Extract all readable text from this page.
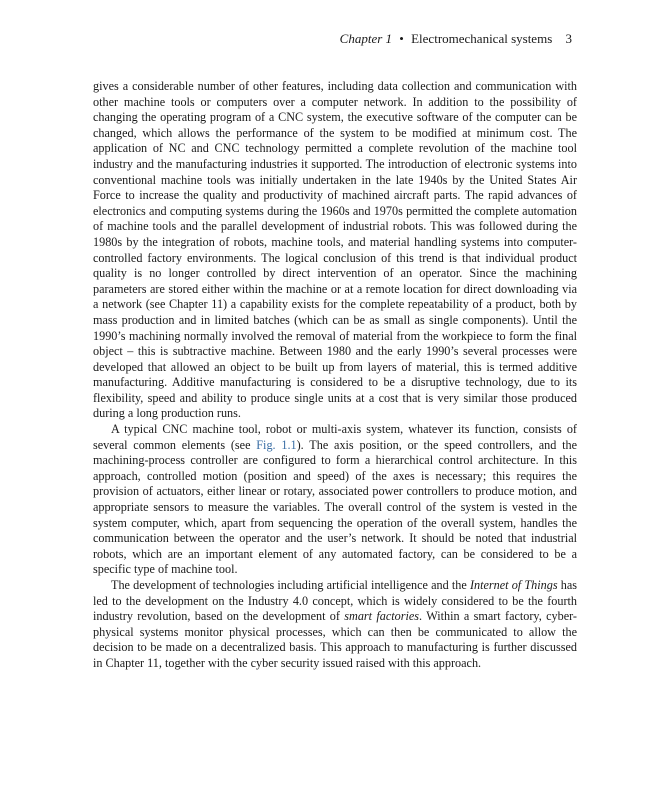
Chapter 1 • Electromechanical systems 3

gives a considerable number of other features, including data collection and communication with other machine tools or computers over a computer network. In addition to the possibility of changing the operating program of a CNC system, the executive software of the computer can be changed, which allows the performance of the system to be modified at minimum cost. The application of NC and CNC technology permitted a complete revolution of the machine tool industry and the manufacturing industries it supported. The introduction of electronic systems into conventional machine tools was initially undertaken in the late 1940s by the United States Air Force to increase the quality and productivity of machined aircraft parts. The rapid advances of electronics and computing systems during the 1960s and 1970s permitted the complete automation of machine tools and the parallel development of industrial robots. This was followed during the 1980s by the integration of robots, machine tools, and material handling systems into computer-controlled factory environments. The logical conclusion of this trend is that individual product quality is no longer controlled by direct intervention of an operator. Since the machining parameters are stored either within the machine or at a remote location for direct downloading via a network (see Chapter 11) a capability exists for the complete repeatability of a product, both by mass production and in limited batches (which can be as small as single components). Until the 1990’s machining normally involved the removal of material from the workpiece to form the final object – this is subtractive machine. Between 1980 and the early 1990’s several processes were developed that allowed an object to be built up from layers of material, this is termed additive manufacturing. Additive manufacturing is considered to be a disruptive technology, due to its flexibility, speed and ability to produce single units at a cost that is very similar those produced during a long production runs.

A typical CNC machine tool, robot or multi-axis system, whatever its function, consists of several common elements (see Fig. 1.1). The axis position, or the speed controllers, and the machining-process controller are configured to form a hierarchical control architecture. In this approach, controlled motion (position and speed) of the axes is necessary; this requires the provision of actuators, either linear or rotary, associated power controllers to produce motion, and appropriate sensors to measure the variables. The overall control of the system is vested in the system computer, which, apart from sequencing the operation of the overall system, handles the communication between the operator and the user’s network. It should be noted that industrial robots, which are an important element of any automated factory, can be considered to be a specific type of machine tool.

The development of technologies including artificial intelligence and the Internet of Things has led to the development on the Industry 4.0 concept, which is widely considered to be the fourth industry revolution, based on the development of smart factories. Within a smart factory, cyber-physical systems monitor physical processes, which can then be communicated to allow the decision to be made on a decentralized basis. This approach to manufacturing is further discussed in Chapter 11, together with the cyber security issued raised with this approach.
